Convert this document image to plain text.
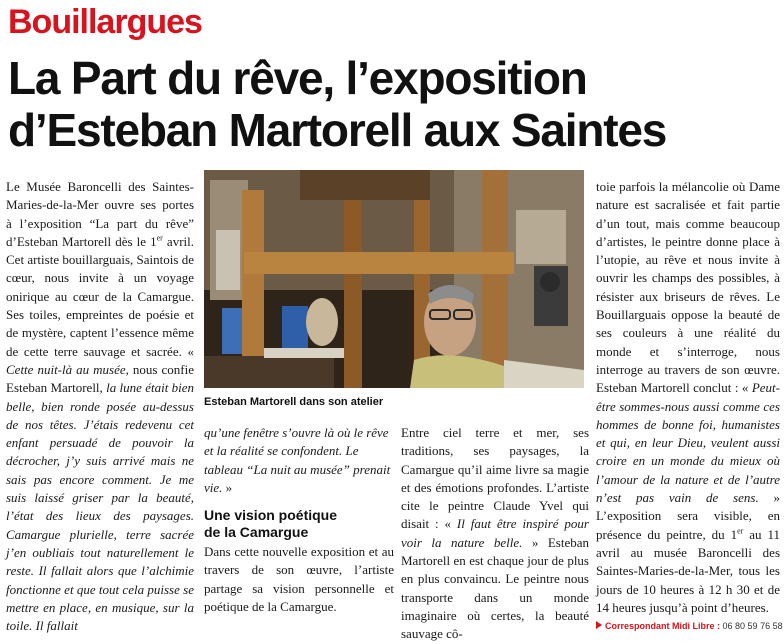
Bouillargues
La Part du rêve, l’exposition
d’Esteban Martorell aux Saintes

Le Musée Baroncelli des Saintes-Maries-de-la-Mer ouvre ses portes à l’exposition “La part du rêve” d’Esteban Martorell dès le 1er avril. Cet artiste bouillarguais, Saintois de cœur, nous invite à un voyage onirique au cœur de la Camargue. Ses toiles, empreintes de poésie et de mystère, captent l’essence même de cette terre sauvage et sacrée. « Cette nuit-là au musée, nous confie Esteban Martorell, la lune était bien belle, bien ronde posée au-dessus de nos têtes. J’étais redevenu cet enfant persuadé de pouvoir la décrocher, j’y suis arrivé mais ne sais pas encore comment. Je me suis laissé griser par la beauté, l’état des lieux des paysages. Camargue plurielle, terre sacrée j’en oubliais tout naturellement le reste. Il fallait alors que l’alchimie fonctionne et que tout cela puisse se mettre en place, en musique, sur la toile. Il fallait

Esteban Martorell dans son atelier

qu’une fenêtre s’ouvre là où le rêve et la réalité se confondent. Le tableau “La nuit au musée” prenait vie. »

Une vision poétique
de la Camargue

Dans cette nouvelle exposition et au travers de son œuvre, l’artiste partage sa vision personnelle et poétique de la Camargue.

Entre ciel terre et mer, ses traditions, ses paysages, la Camargue qu’il aime livre sa magie et des émotions profondes. L’artiste cite le peintre Claude Yvel qui disait : « Il faut être inspiré pour voir la nature belle. » Esteban Martorell en est chaque jour de plus en plus convaincu. Le peintre nous transporte dans un monde imaginaire où certes, la beauté sauvage cô-

toie parfois la mélancolie où Dame nature est sacralisée et fait partie d’un tout, mais comme beaucoup d’artistes, le peintre donne place à l’utopie, au rêve et nous invite à ouvrir les champs des possibles, à résister aux briseurs de rêves. Le Bouillarguais oppose la beauté de ses couleurs à une réalité du monde et s’interroge, nous interroge au travers de son œuvre. Esteban Martorell conclut : « Peut-être sommes-nous aussi comme ces hommes de bonne foi, humanistes et qui, en leur Dieu, veulent aussi croire en un monde du mieux où l’amour de la nature et de l’autre n’est pas vain de sens. » L’exposition sera visible, en présence du peintre, du 1er au 11 avril au musée Baroncelli des Saintes-Maries-de-la-Mer, tous les jours de 10 heures à 12 h 30 et de 14 heures jusqu’à point d’heures.

Correspondant Midi Libre : 06 80 59 76 58
